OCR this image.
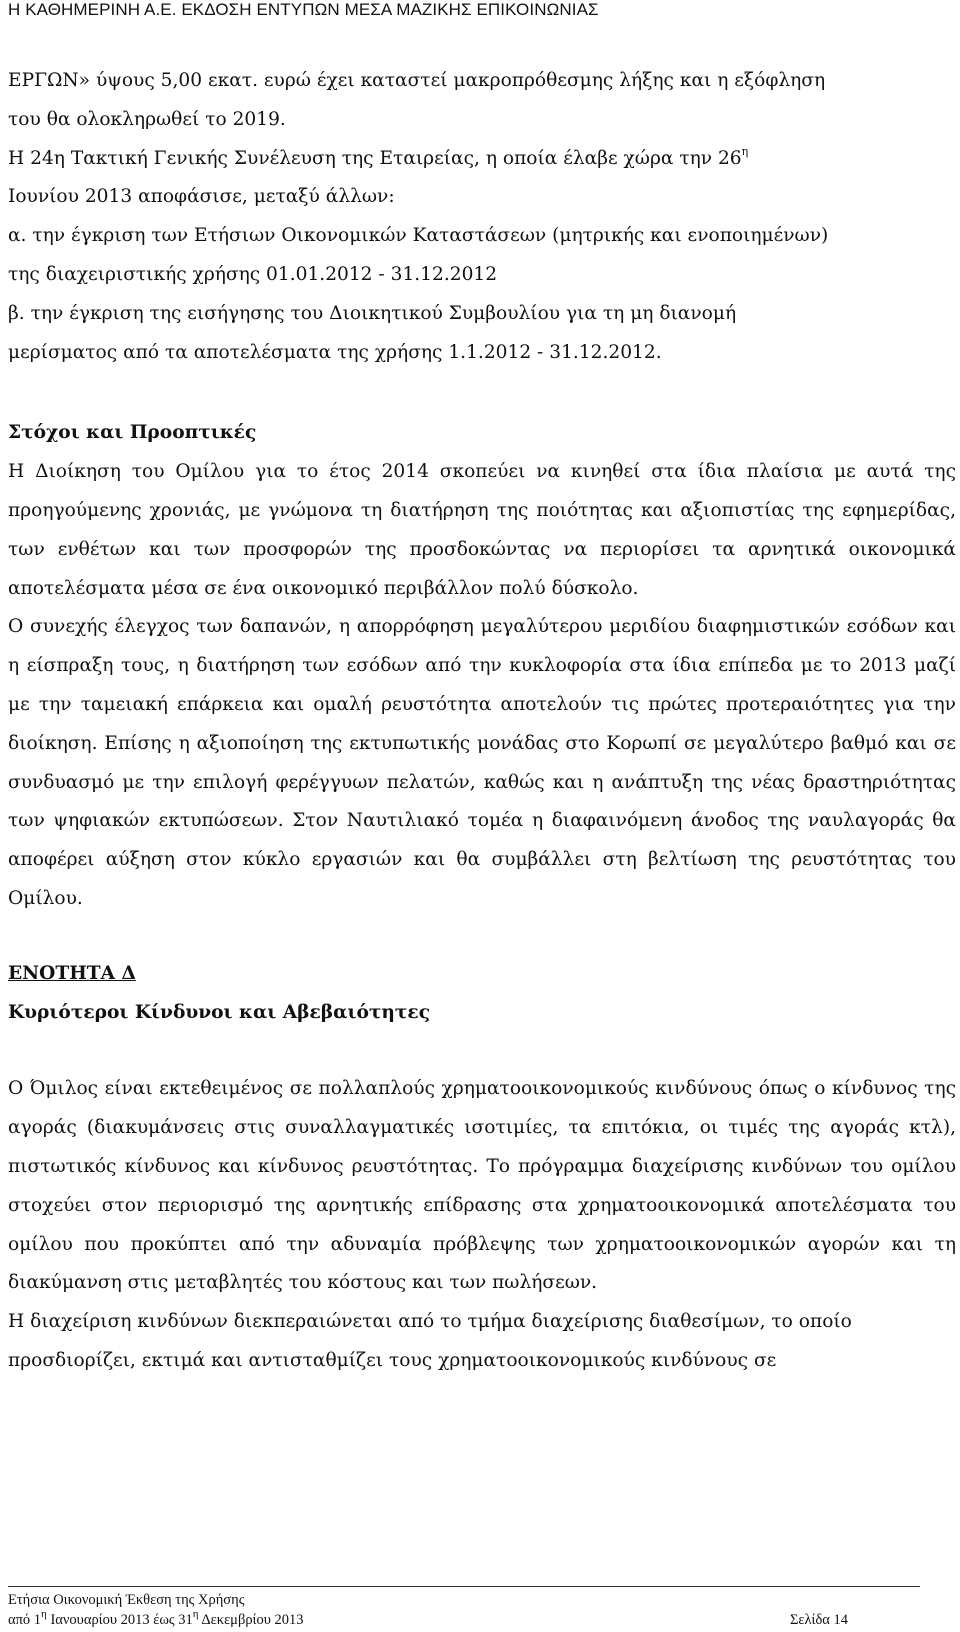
Η ΚΑΘΗΜΕΡΙΝΗ Α.Ε. ΕΚΔΟΣΗ ΕΝΤΥΠΩΝ ΜΕΣΑ ΜΑΖΙΚΗΣ ΕΠΙΚΟΙΝΩΝΙΑΣ
ΕΡΓΩΝ» ύψους 5,00 εκατ. ευρώ έχει καταστεί μακροπρόθεσμης λήξης και η εξόφληση
του θα ολοκληρωθεί το 2019.
Η 24η Τακτική Γενικής Συνέλευση της Εταιρείας, η οποία έλαβε χώρα την $26^\eta$
Ιουνίου 2013 αποφάσισε, μεταξύ άλλων:
α. την έγκριση των Ετήσιων Οικονομικών Καταστάσεων (μητρικής και ενοποιημένων)
της διαχειριστικής χρήσης 01.01.2012 - 31.12.2012
β. την έγκριση της εισήγησης του Διοικητικού Συμβουλίου για τη μη διανομή
μερίσματος από τα αποτελέσματα της χρήσης 1.1.2012 - 31.12.2012.
Στόχοι και Προοπτικές
Η Διοίκηση του Ομίλου για το έτος 2014 σκοπεύει να κινηθεί στα ίδια πλαίσια με αυτά της προηγούμενης χρονιάς, με γνώμονα τη διατήρηση της ποιότητας και αξιοπιστίας της εφημερίδας, των ενθέτων και των προσφορών της προσδοκώντας να περιορίσει τα αρνητικά οικονομικά αποτελέσματα μέσα σε ένα οικονομικό περιβάλλον πολύ δύσκολο.
Ο συνεχής έλεγχος των δαπανών, η απορρόφηση μεγαλύτερου μεριδίου διαφημιστικών εσόδων και η είσπραξη τους, η διατήρηση των εσόδων από την κυκλοφορία στα ίδια επίπεδα με το 2013 μαζί με την ταμειακή επάρκεια και ομαλή ρευστότητα αποτελούν τις πρώτες προτεραιότητες για την διοίκηση. Επίσης η αξιοποίηση της εκτυπωτικής μονάδας στο Κορωπί σε μεγαλύτερο βαθμό και σε συνδυασμό με την επιλογή φερέγγυων πελατών, καθώς και η ανάπτυξη της νέας δραστηριότητας των ψηφιακών εκτυπώσεων. Στον Ναυτιλιακό τομέα η διαφαινόμενη άνοδος της ναυλαγοράς θα αποφέρει αύξηση στον κύκλο εργασιών και θα συμβάλλει στη βελτίωση της ρευστότητας του Ομίλου.
ΕΝΟΤΗΤΑ Δ
Κυριότεροι Κίνδυνοι και Αβεβαιότητες
Ο Όμιλος είναι εκτεθειμένος σε πολλαπλούς χρηματοοικονομικούς κινδύνους όπως ο κίνδυνος της αγοράς (διακυμάνσεις στις συναλλαγματικές ισοτιμίες, τα επιτόκια, οι τιμές της αγοράς κτλ), πιστωτικός κίνδυνος και κίνδυνος ρευστότητας. Το πρόγραμμα διαχείρισης κινδύνων του ομίλου στοχεύει στον περιορισμό της αρνητικής επίδρασης στα χρηματοοικονομικά αποτελέσματα του ομίλου που προκύπτει από την αδυναμία πρόβλεψης των χρηματοοικονομικών αγορών και τη διακύμανση στις μεταβλητές του κόστους και των πωλήσεων.
Η διαχείριση κινδύνων διεκπεραιώνεται από το τμήμα διαχείρισης διαθεσίμων, το οποίο
προσδιορίζει, εκτιμά και αντισταθμίζει τους χρηματοοικονομικούς κινδύνους σε
Ετήσια Οικονομική Έκθεση της Χρήσης
από $1^\eta$ Ιανουαρίου 2013 έως $31^\eta$ Δεκεμβρίου 2013	Σελίδα 14
